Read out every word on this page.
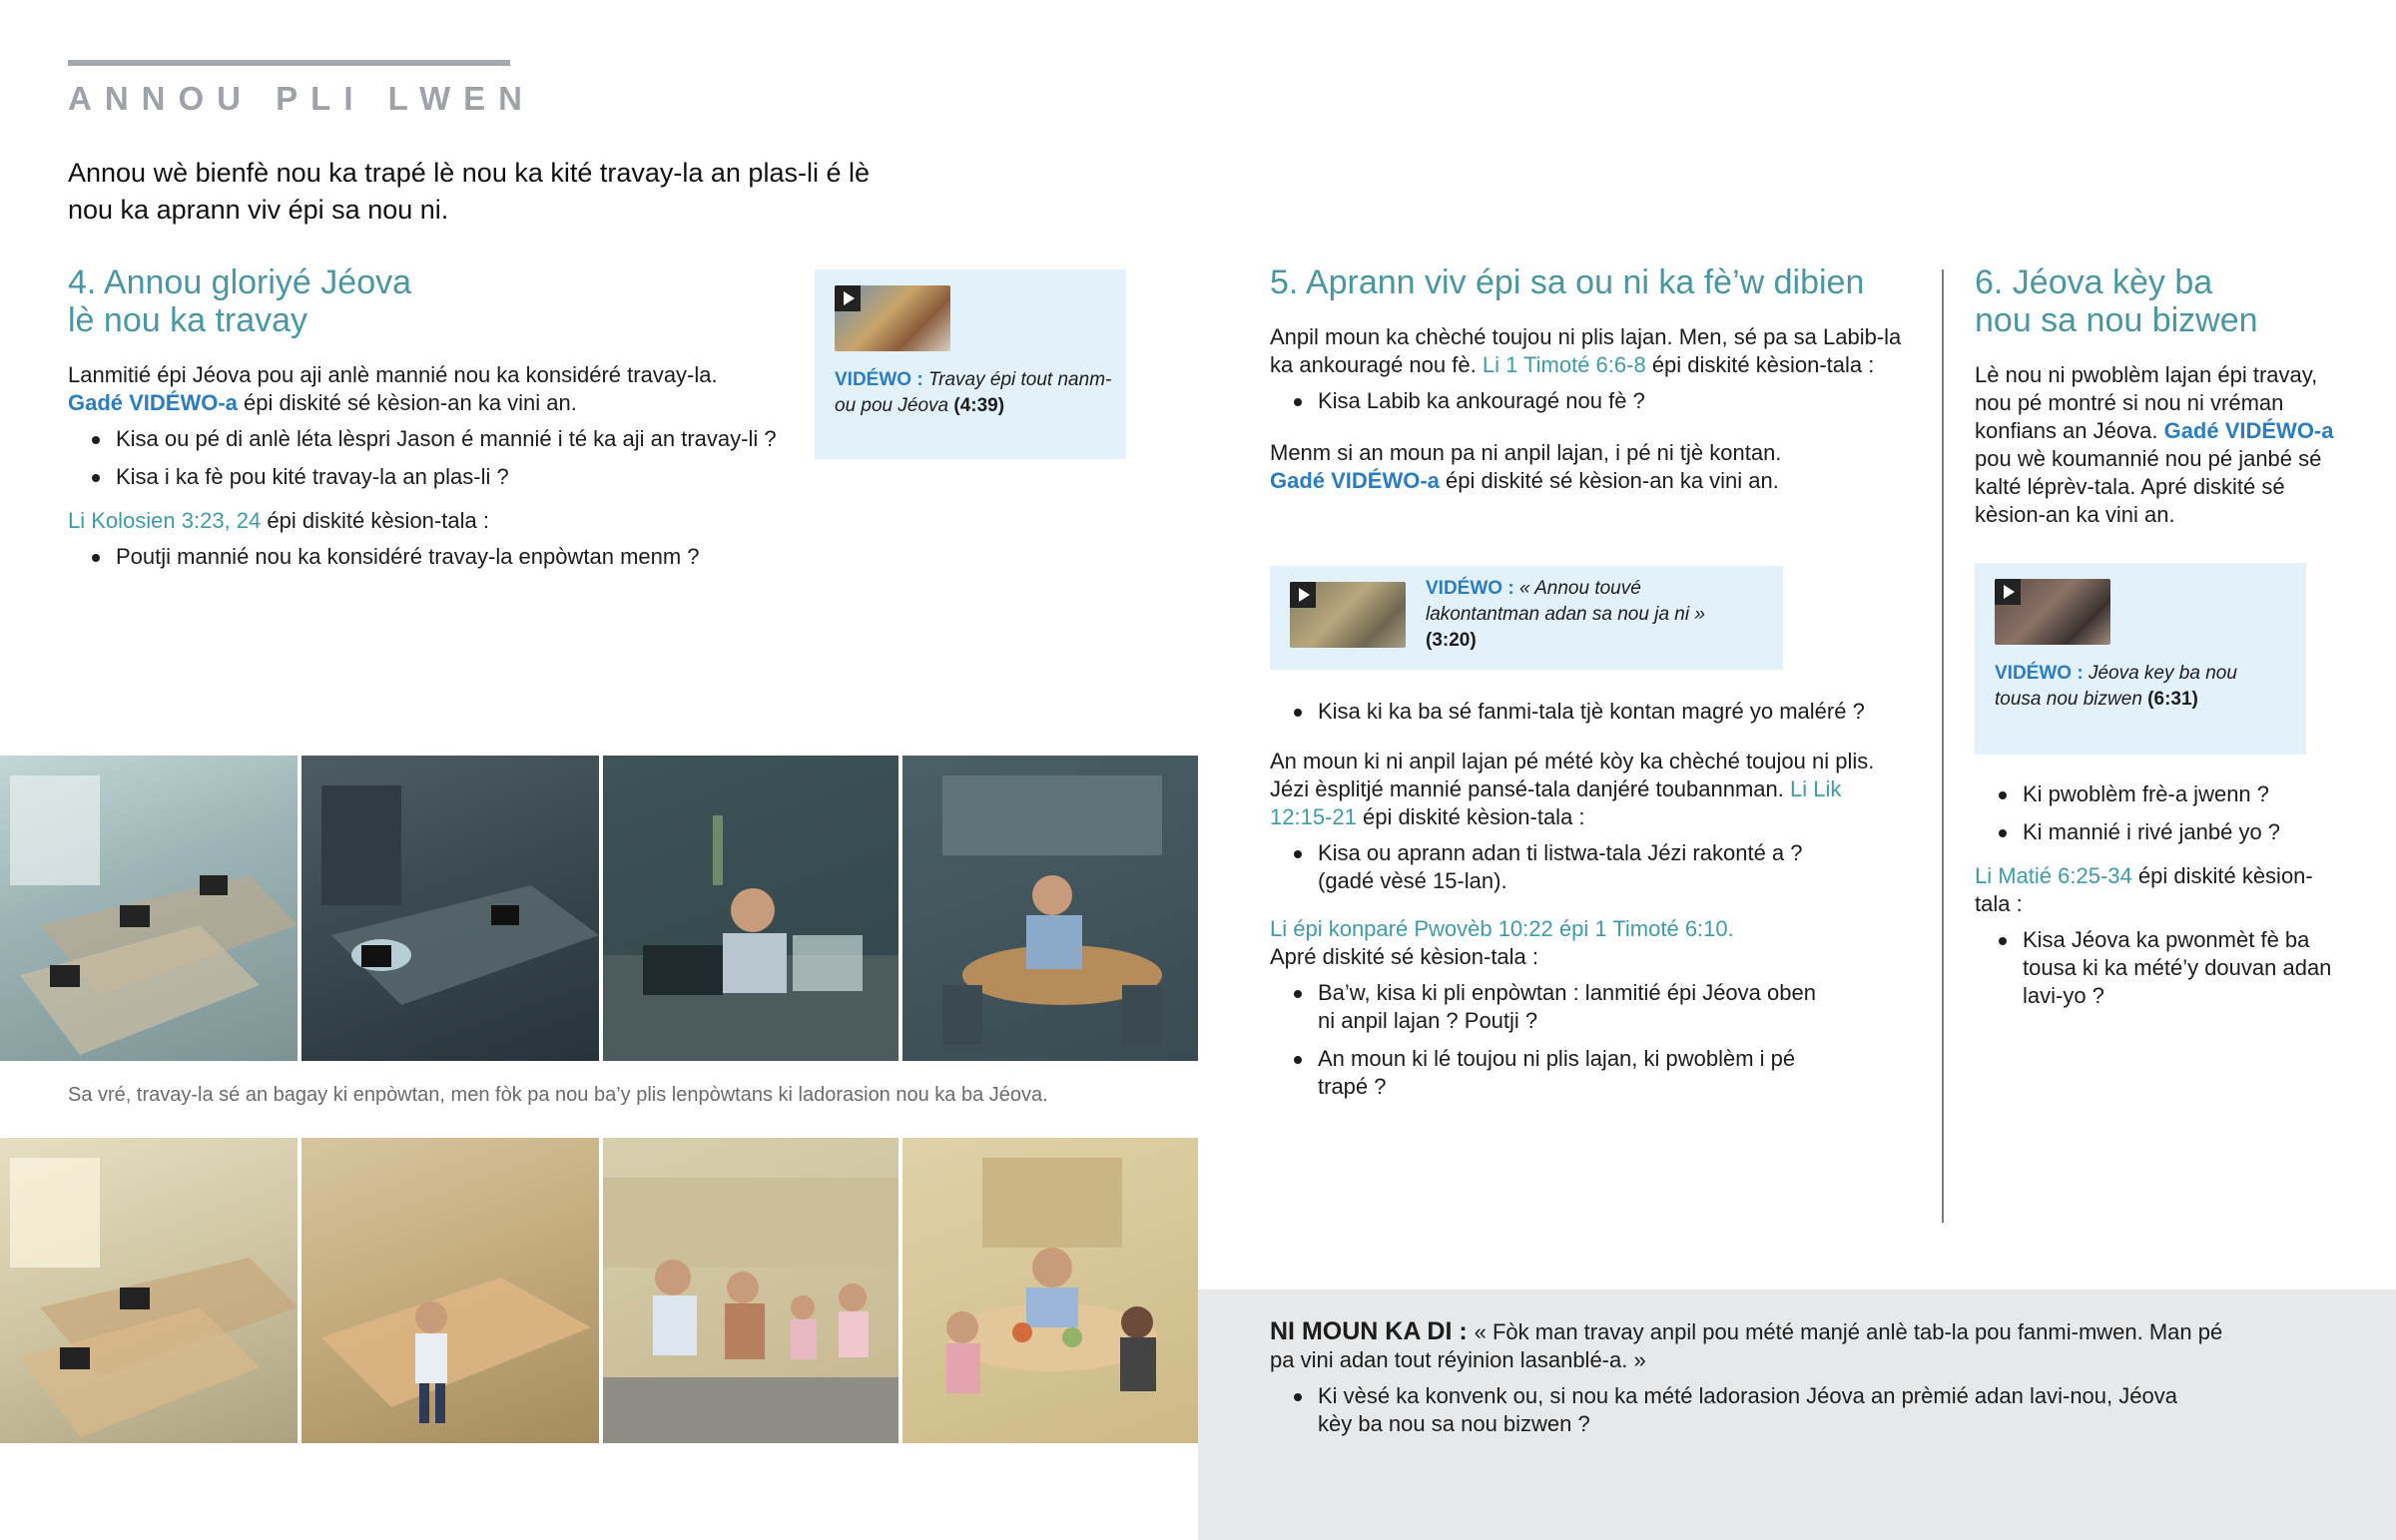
ANNOU PLI LWEN
Annou wè bienfè nou ka trapé lè nou ka kité travay-la an plas-li é lè nou ka aprann viv épi sa nou ni.
4. Annou gloriyé Jéova
lè nou ka travay
Lanmitié épi Jéova pou aji anlè mannié nou ka konsidéré travay-la.
Gadé VIDÉWO-a épi diskité sé kèsion-an ka vini an.
Kisa ou pé di anlè léta lèspri Jason é mannié i té ka aji an travay-li ?
Kisa i ka fè pou kité travay-la an plas-li ?
Li Kolosien 3:23, 24 épi diskité kèsion-tala :
Poutji mannié nou ka konsidéré travay-la enpòwtan menm ?
VIDÉWO : Travay épi tout nanm-ou pou Jéova (4:39)
Sa vré, travay-la sé an bagay ki enpòwtan, men fòk pa nou ba’y plis lenpòwtans ki ladorasion nou ka ba Jéova.
5. Aprann viv épi sa ou ni ka fè’w dibien
Anpil moun ka chèché toujou ni plis lajan. Men, sé pa sa Labib-la ka ankouragé nou fè. Li 1 Timoté 6:6-8 épi diskité kèsion-tala :
Kisa Labib ka ankouragé nou fè ?
Menm si an moun pa ni anpil lajan, i pé ni tjè kontan.
Gadé VIDÉWO-a épi diskité sé kèsion-an ka vini an.
VIDÉWO : « Annou touvé lakontantman adan sa nou ja ni » (3:20)
Kisa ki ka ba sé fanmi-tala tjè kontan magré yo maléré ?
An moun ki ni anpil lajan pé mété kòy ka chèché toujou ni plis. Jézi èsplitjé mannié pansé-tala danjéré toubannman. Li Lik 12:15-21 épi diskité kèsion-tala :
Kisa ou aprann adan ti listwa-tala Jézi rakonté a ? (gadé vèsé 15-lan).
Li épi konparé Pwovèb 10:22 épi 1 Timoté 6:10.
Apré diskité sé kèsion-tala :
Ba’w, kisa ki pli enpòwtan : lanmitié épi Jéova oben ni anpil lajan ? Poutji ?
An moun ki lé toujou ni plis lajan, ki pwoblèm i pé trapé ?
6. Jéova kèy ba
nou sa nou bizwen
Lè nou ni pwoblèm lajan épi travay, nou pé montré si nou ni vréman konfians an Jéova. Gadé VIDÉWO-a pou wè koumannié nou pé janbé sé kalté léprèv-tala. Apré diskité sé kèsion-an ka vini an.
VIDÉWO : Jéova key ba nou tousa nou bizwen (6:31)
Ki pwoblèm frè-a jwenn ?
Ki mannié i rivé janbé yo ?
Li Matié 6:25-34 épi diskité kèsion-tala :
Kisa Jéova ka pwonmèt fè ba tousa ki ka mété’y douvan adan lavi-yo ?
NI MOUN KA DI : « Fòk man travay anpil pou mété manjé anlè tab-la pou fanmi-mwen. Man pé pa vini adan tout réyinion lasanblé-a. »
Ki vèsé ka konvenk ou, si nou ka mété ladorasion Jéova an prèmié adan lavi-nou, Jéova kèy ba nou sa nou bizwen ?
